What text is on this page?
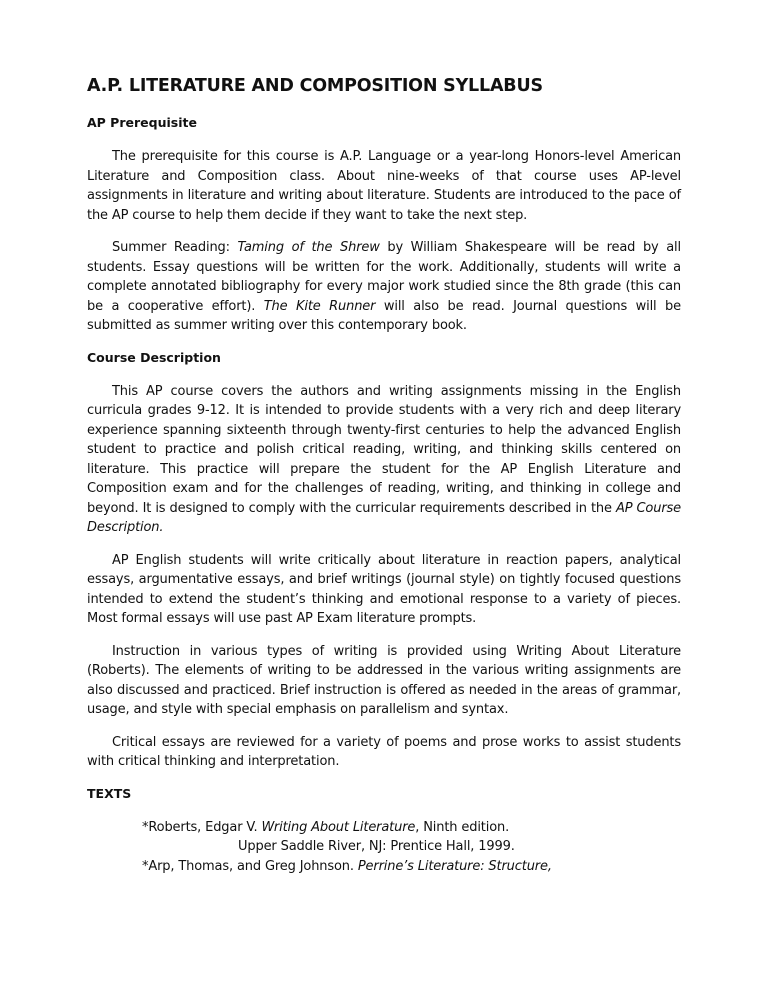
A.P. LITERATURE AND COMPOSITION SYLLABUS
AP Prerequisite

The prerequisite for this course is A.P. Language or a year-long Honors-level American Literature and Composition class. About nine-weeks of that course uses AP-level assignments in literature and writing about literature. Students are introduced to the pace of the AP course to help them decide if they want to take the next step.

Summer Reading: Taming of the Shrew by William Shakespeare will be read by all students. Essay questions will be written for the work. Additionally, students will write a complete annotated bibliography for every major work studied since the 8th grade (this can be a cooperative effort). The Kite Runner will also be read. Journal questions will be submitted as summer writing over this contemporary book.

Course Description

This AP course covers the authors and writing assignments missing in the English curricula grades 9-12. It is intended to provide students with a very rich and deep literary experience spanning sixteenth through twenty-first centuries to help the advanced English student to practice and polish critical reading, writing, and thinking skills centered on literature. This practice will prepare the student for the AP English Literature and Composition exam and for the challenges of reading, writing, and thinking in college and beyond. It is designed to comply with the curricular requirements described in the AP Course Description.

AP English students will write critically about literature in reaction papers, analytical essays, argumentative essays, and brief writings (journal style) on tightly focused questions intended to extend the student’s thinking and emotional response to a variety of pieces. Most formal essays will use past AP Exam literature prompts.

Instruction in various types of writing is provided using Writing About Literature (Roberts). The elements of writing to be addressed in the various writing assignments are also discussed and practiced. Brief instruction is offered as needed in the areas of grammar, usage, and style with special emphasis on parallelism and syntax.

Critical essays are reviewed for a variety of poems and prose works to assist students with critical thinking and interpretation.

TEXTS
*Roberts, Edgar V. Writing About Literature, Ninth edition.
Upper Saddle River, NJ: Prentice Hall, 1999.
*Arp, Thomas, and Greg Johnson. Perrine’s Literature: Structure,
